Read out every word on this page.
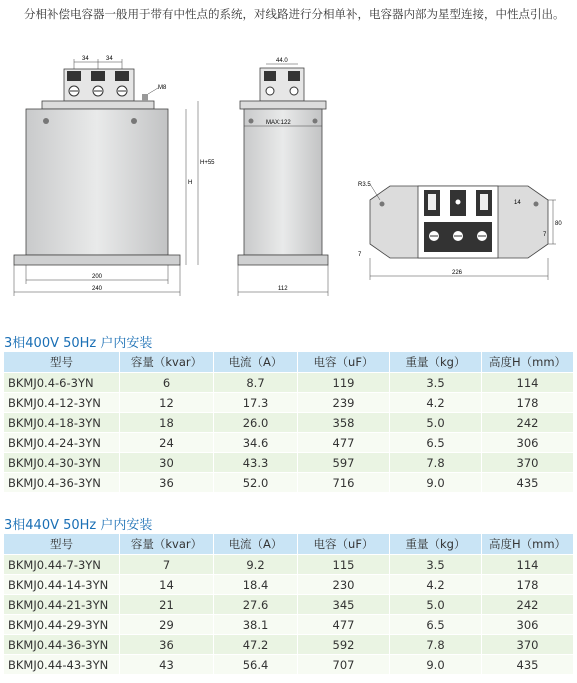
分相补偿电容器一般用于带有中性点的系统，对线路进行分相单补，电容器内部为星型连接，中性点引出。

34	34
M8
H
H+55
200
240
44.0
MAX:122
112
R3.5
14
80
7
7
226
3相400V 50Hz 户内安装
型号	容量（kvar）	电流（A）	电容（uF）	重量（kg）	高度H（mm）
BKMJ0.4-6-3YN	6	8.7	119	3.5	114
BKMJ0.4-12-3YN	12	17.3	239	4.2	178
BKMJ0.4-18-3YN	18	26.0	358	5.0	242
BKMJ0.4-24-3YN	24	34.6	477	6.5	306
BKMJ0.4-30-3YN	30	43.3	597	7.8	370
BKMJ0.4-36-3YN	36	52.0	716	9.0	435
3相440V 50Hz 户内安装
型号	容量（kvar）	电流（A）	电容（uF）	重量（kg）	高度H（mm）
BKMJ0.44-7-3YN	7	9.2	115	3.5	114
BKMJ0.44-14-3YN	14	18.4	230	4.2	178
BKMJ0.44-21-3YN	21	27.6	345	5.0	242
BKMJ0.44-29-3YN	29	38.1	477	6.5	306
BKMJ0.44-36-3YN	36	47.2	592	7.8	370
BKMJ0.44-43-3YN	43	56.4	707	9.0	435
